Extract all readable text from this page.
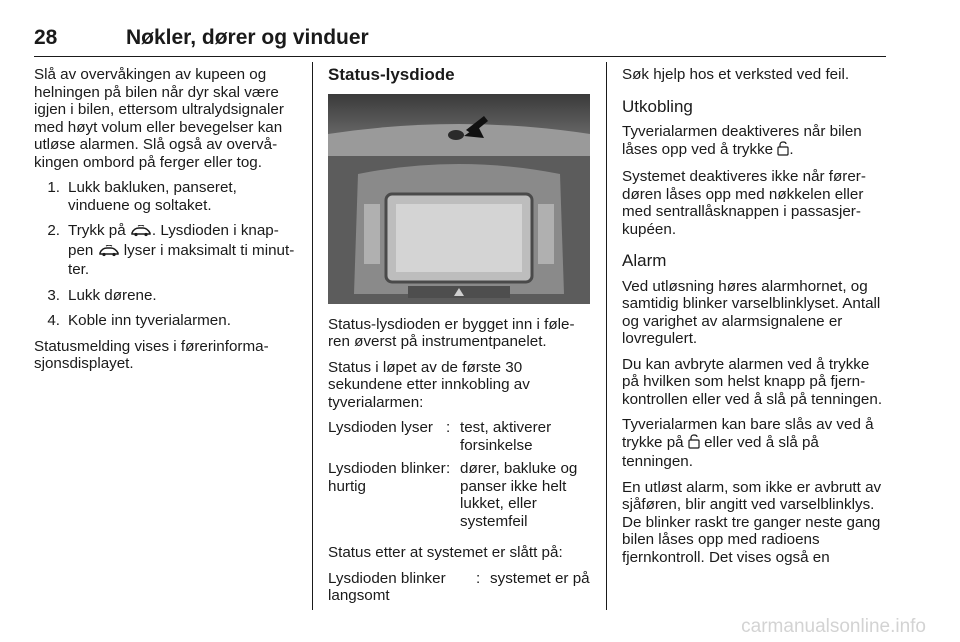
28	Nøkler, dører og vinduer

Slå av overvåkingen av kupeen og helningen på bilen når dyr skal være igjen i bilen, ettersom ultralydsignaler med høyt volum eller bevegelser kan utløse alarmen. Slå også av overvåkingen ombord på ferger eller tog.

1. Lukk bakluken, panseret, vinduene og soltaket.
2. Trykk på . Lysdioden i knappen  lyser i maksimalt ti minutter.
3. Lukk dørene.
4. Koble inn tyverialarmen.

Statusmelding vises i førerinformasjonsdisplayet.

Status-lysdiode

Status-lysdioden er bygget inn i føleren øverst på instrumentpanelet.

Status i løpet av de første 30 sekundene etter innkobling av tyverialarmen:

Lysdioden lyser : test, aktiverer forsinkelse
Lysdioden blinker hurtig
: dører, bakluke og panser ikke helt lukket, eller systemfeil

Status etter at systemet er slått på:

Lysdioden blinker langsomt
: systemet er på

Søk hjelp hos et verksted ved feil.

Utkobling

Tyverialarmen deaktiveres når bilen låses opp ved å trykke .

Systemet deaktiveres ikke når førerdøren låses opp med nøkkelen eller med sentrallåsknappen i passasjerkupéen.

Alarm

Ved utløsning høres alarmhornet, og samtidig blinker varselblinklyset. Antall og varighet av alarmsignalene er lovregulert.

Du kan avbryte alarmen ved å trykke på hvilken som helst knapp på fjernkontrollen eller ved å slå på tenningen.

Tyverialarmen kan bare slås av ved å trykke på  eller ved å slå på tenningen.

En utløst alarm, som ikke er avbrutt av sjåføren, blir angitt ved varselblinklys. De blinker raskt tre ganger neste gang bilen låses opp med radioens fjernkontroll. Det vises også en

carmanualsonline.info
